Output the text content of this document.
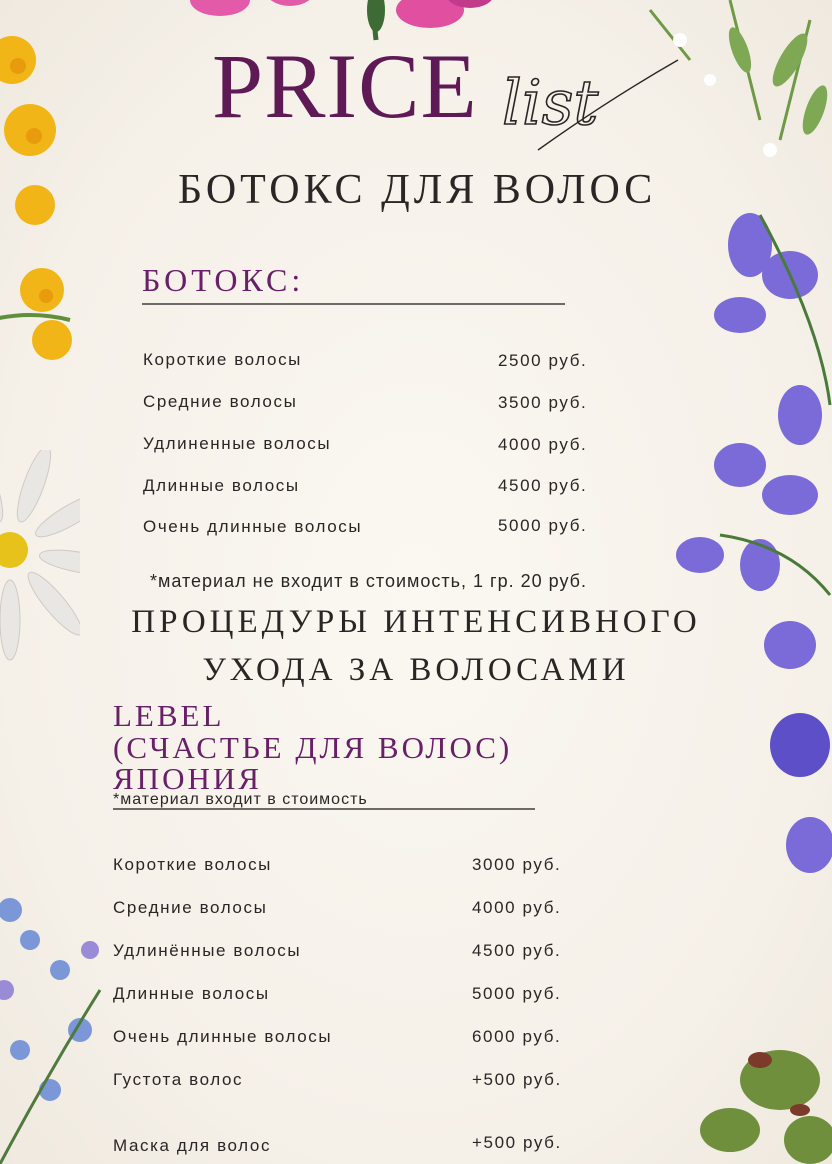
PRICE list
БОТОКС ДЛЯ ВОЛОС
БОТОКС:
Короткие волосы	2500 руб.
Средние волосы	3500 руб.
Удлиненные волосы	4000 руб.
Длинные волосы	4500 руб.
Очень длинные волосы	5000 руб.
*материал не входит в стоимость, 1 гр. 20 руб.
ПРОЦЕДУРЫ ИНТЕНСИВНОГО
УХОДА ЗА ВОЛОСАМИ
LEBEL
(СЧАСТЬЕ ДЛЯ ВОЛОС)
ЯПОНИЯ
*материал входит в стоимость
Короткие волосы	3000 руб.
Средние волосы	4000 руб.
Удлинённые волосы	4500 руб.
Длинные волосы	5000 руб.
Очень длинные волосы	6000 руб.
Густота волос	+500 руб.
Маска для волос	+500 руб.
